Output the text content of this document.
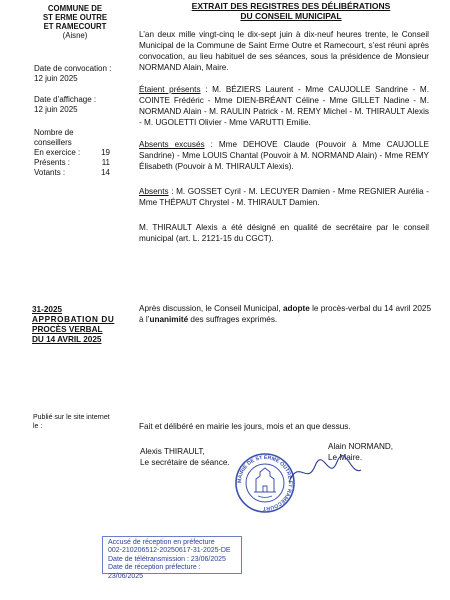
COMMUNE DE
ST ERME OUTRE
ET RAMECOURT
(Aisne)
EXTRAIT DES REGISTRES DES DÉLIBÉRATIONS
DU CONSEIL MUNICIPAL
Date de convocation :
12 juin 2025
Date d’affichage :
12 juin 2025
Nombre de conseillers
En exercice :	19
Présents :	11
Votants :	14
L’an deux mille vingt-cinq le dix-sept juin à dix-neuf heures trente, le Conseil Municipal de la Commune de Saint Erme Outre et Ramecourt, s’est réuni après convocation, au lieu habituel de ses séances, sous la présidence de Monsieur NORMAND Alain, Maire.
Étaient présents : M. BÉZIERS Laurent - Mme CAUJOLLE Sandrine - M. COINTE Frédéric - Mme DIEN-BRÉANT Céline - Mme GILLET Nadine - M. NORMAND Alain - M. RAULIN Patrick - M. REMY Michel - M. THIRAULT Alexis - M. UGOLETTI Olivier - Mme VARUTTI Emilie.
Absents excusés : Mme DEHOVE Claude (Pouvoir à Mme CAUJOLLE Sandrine) - Mme LOUIS Chantal (Pouvoir à M. NORMAND Alain) - Mme REMY Élisabeth (Pouvoir à M. THIRAULT Alexis).
Absents : M. GOSSET Cyril - M. LECUYER Damien - Mme REGNIER Aurélia - Mme THÉPAUT Chrystel - M. THIRAULT Damien.
M. THIRAULT Alexis a été désigné en qualité de secrétaire par le conseil municipal (art. L. 2121-15 du CGCT).
31-2025
APPROBATION DU
PROCÈS VERBAL
DU 14 AVRIL 2025
Après discussion, le Conseil Municipal, adopte le procès-verbal du 14 avril 2025 à l’unanimité des suffrages exprimés.
Publié sur le site internet le :	Fait et délibéré en mairie les jours, mois et an que dessus.
Alexis THIRAULT,
Le secrétaire de séance.
Alain NORMAND,
Le Maire.
MAIRIE DE ST ERME OUTRE ET RAMECOURT
Accusé de réception en préfecture
002-210206512-20250617-31-2025-DE
Date de télétransmission : 23/06/2025
Date de réception préfecture : 23/06/2025
